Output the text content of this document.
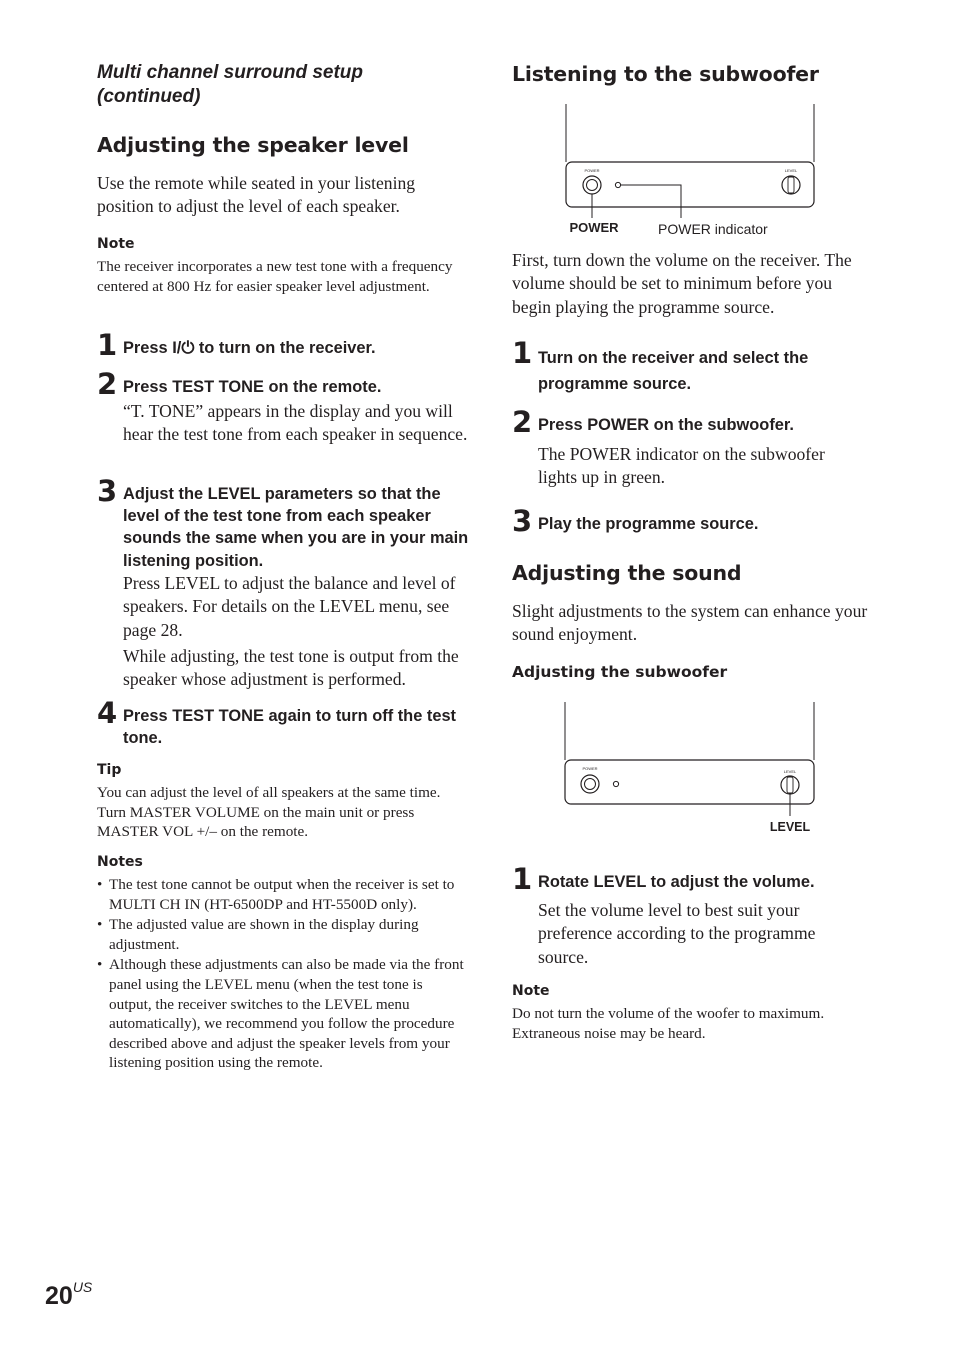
Multi channel surround setup

(continued)

Adjusting the speaker level

Use the remote while seated in your listening position to adjust the level of each speaker.

Note

The receiver incorporates a new test tone with a frequency centered at 800 Hz for easier speaker level adjustment.

1 Press I/⏻ to turn on the receiver.

2 Press TEST TONE on the remote.

“T. TONE” appears in the display and you will hear the test tone from each speaker in sequence.

3 Adjust the LEVEL parameters so that the level of the test tone from each speaker sounds the same when you are in your main listening position.

Press LEVEL to adjust the balance and level of speakers. For details on the LEVEL menu, see page 28.

While adjusting, the test tone is output from the speaker whose adjustment is performed.

4 Press TEST TONE again to turn off the test tone.

Tip

You can adjust the level of all speakers at the same time. Turn MASTER VOLUME on the main unit or press MASTER VOL +/– on the remote.

Notes

• The test tone cannot be output when the receiver is set to MULTI CH IN (HT-6500DP and HT-5500D only).
• The adjusted value are shown in the display during adjustment.
• Although these adjustments can also be made via the front panel using the LEVEL menu (when the test tone is output, the receiver switches to the LEVEL menu automatically), we recommend you follow the procedure described above and adjust the speaker levels from your listening position using the remote.

Listening to the subwoofer

POWER	LEVEL
POWER	POWER indicator

First, turn down the volume on the receiver. The volume should be set to minimum before you begin playing the programme source.

1 Turn on the receiver and select the programme source.

2 Press POWER on the subwoofer.

The POWER indicator on the subwoofer lights up in green.

3 Play the programme source.

Adjusting the sound

Slight adjustments to the system can enhance your sound enjoyment.

Adjusting the subwoofer

POWER
LEVEL
LEVEL
1 Rotate LEVEL to adjust the volume.

Set the volume level to best suit your preference according to the programme source.

Note

Do not turn the volume of the woofer to maximum. Extraneous noise may be heard.

$20^{US}$
